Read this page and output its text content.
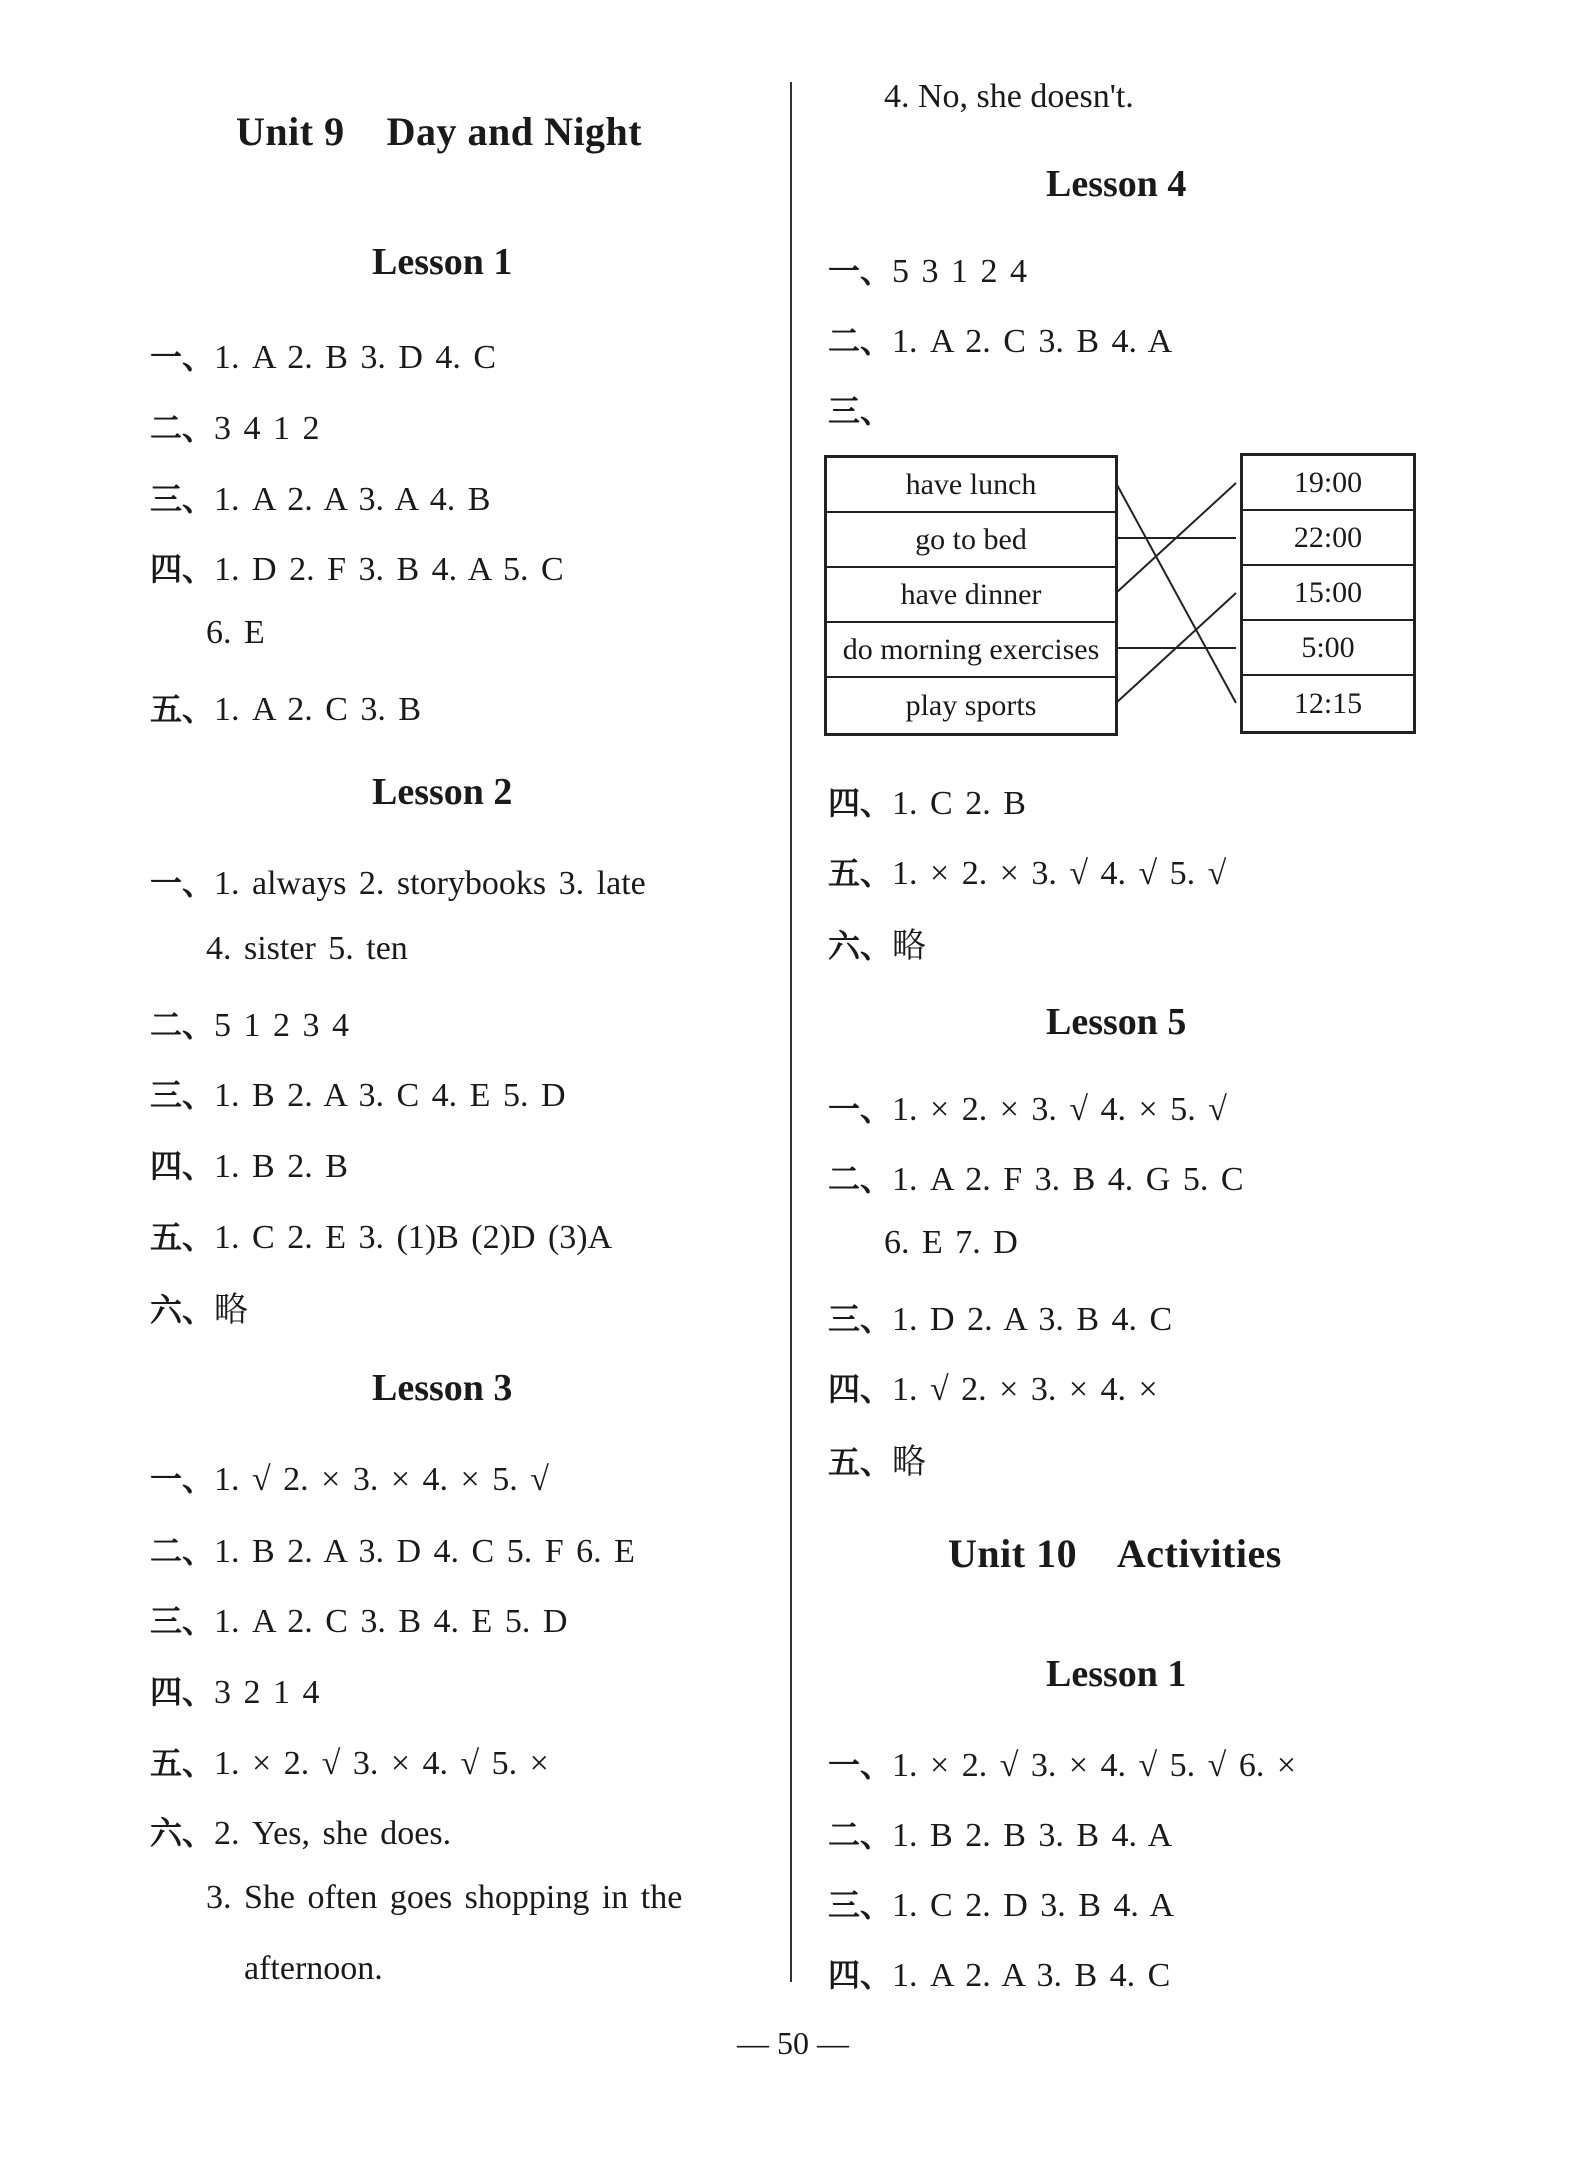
Unit 9    Day and Night
Lesson 1
一、1. A 2. B 3. D 4. C
二、3 4 1 2
三、1. A 2. A 3. A 4. B
四、1. D 2. F 3. B 4. A 5. C
6. E
五、1. A 2. C 3. B
Lesson 2
一、1. always 2. storybooks 3. late
4. sister 5. ten
二、5 1 2 3 4
三、1. B 2. A 3. C 4. E 5. D
四、1. B 2. B
五、1. C 2. E 3. (1)B (2)D (3)A
六、略
Lesson 3
一、1. √ 2. × 3. × 4. × 5. √
二、1. B 2. A 3. D 4. C 5. F 6. E
三、1. A 2. C 3. B 4. E 5. D
四、3 2 1 4
五、1. × 2. √ 3. × 4. √ 5. ×
六、2. Yes, she does.
3. She often goes shopping in the
afternoon.
4. No, she doesn't.
Lesson 4
一、5 3 1 2 4
二、1. A 2. C 3. B 4. A
三、
have lunch
go to bed
have dinner
do morning exercises
play sports
19:00
22:00
15:00
5:00
12:15
四、1. C 2. B
五、1. × 2. × 3. √ 4. √ 5. √
六、略
Lesson 5
一、1. × 2. × 3. √ 4. × 5. √
二、1. A 2. F 3. B 4. G 5. C
6. E 7. D
三、1. D 2. A 3. B 4. C
四、1. √ 2. × 3. × 4. ×
五、略
Unit 10    Activities
Lesson 1
一、1. × 2. √ 3. × 4. √ 5. √ 6. ×
二、1. B 2. B 3. B 4. A
三、1. C 2. D 3. B 4. A
四、1. A 2. A 3. B 4. C
— 50 —
